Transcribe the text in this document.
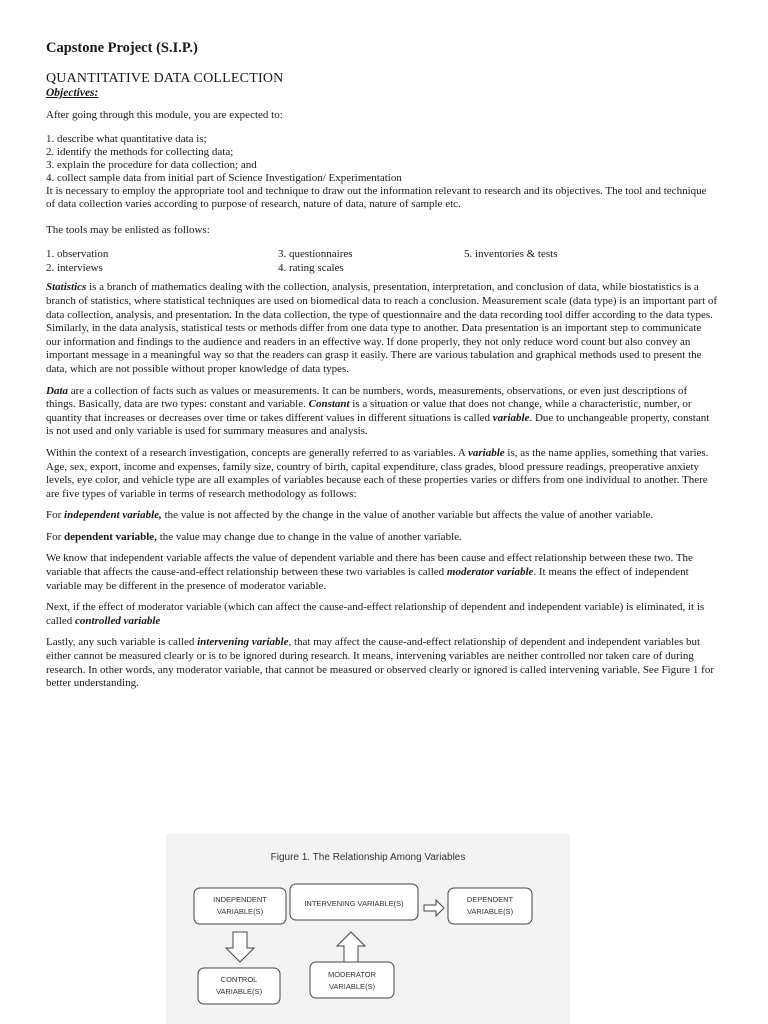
Capstone Project (S.I.P.)
QUANTITATIVE DATA COLLECTION
Objectives:

After going through this module, you are expected to:

1. describe what quantitative data is;
2. identify the methods for collecting data;
3. explain the procedure for data collection; and
4. collect sample data from initial part of Science Investigation/ Experimentation

It is necessary to employ the appropriate tool and technique to draw out the information relevant to research and its objectives. The tool and technique of data collection varies according to purpose of research, nature of data, nature of sample etc.

The tools may be enlisted as follows:

1. observation	3. questionnaires	5. inventories & tests
2. interviews	4. rating scales

Statistics is a branch of mathematics dealing with the collection, analysis, presentation, interpretation, and conclusion of data, while biostatistics is a branch of statistics, where statistical techniques are used on biomedical data to reach a conclusion. Measurement scale (data type) is an important part of data collection, analysis, and presentation. In the data collection, the type of questionnaire and the data recording tool differ according to the data types. Similarly, in the data analysis, statistical tests or methods differ from one data type to another. Data presentation is an important step to communicate our information and findings to the audience and readers in an effective way. If done properly, they not only reduce word count but also convey an important message in a meaningful way so that the readers can grasp it easily. There are various tabulation and graphical methods used to present the data, which are not possible without proper knowledge of data types.

Data are a collection of facts such as values or measurements. It can be numbers, words, measurements, observations, or even just descriptions of things. Basically, data are two types: constant and variable. Constant is a situation or value that does not change, while a characteristic, number, or quantity that increases or decreases over time or takes different values in different situations is called variable. Due to unchangeable property, constant is not used and only variable is used for summary measures and analysis.

Within the context of a research investigation, concepts are generally referred to as variables. A variable is, as the name applies, something that varies. Age, sex, export, income and expenses, family size, country of birth, capital expenditure, class grades, blood pressure readings, preoperative anxiety levels, eye color, and vehicle type are all examples of variables because each of these properties varies or differs from one individual to another. There are five types of variable in terms of research methodology as follows:

For independent variable, the value is not affected by the change in the value of another variable but affects the value of another variable.

For dependent variable, the value may change due to change in the value of another variable.

We know that independent variable affects the value of dependent variable and there has been cause and effect relationship between these two. The variable that affects the cause-and-effect relationship between these two variables is called moderator variable. It means the effect of independent variable may be different in the presence of moderator variable.

Next, if the effect of moderator variable (which can affect the cause-and-effect relationship of dependent and independent variable) is eliminated, it is called controlled variable

Lastly, any such variable is called intervening variable, that may affect the cause-and-effect relationship of dependent and independent variables but either cannot be measured clearly or is to be ignored during research. It means, intervening variables are neither controlled nor taken care of during research. In other words, any moderator variable, that cannot be measured or observed clearly or ignored is called intervening variable. See Figure 1 for better understanding.

Figure 1. The Relationship Among Variables
INDEPENDENT
VARIABLE(S)
INTERVENING VARIABLE(S)	DEPENDENT
VARIABLE(S)
CONTROL
VARIABLE(S)
MODERATOR
VARIABLE(S)
